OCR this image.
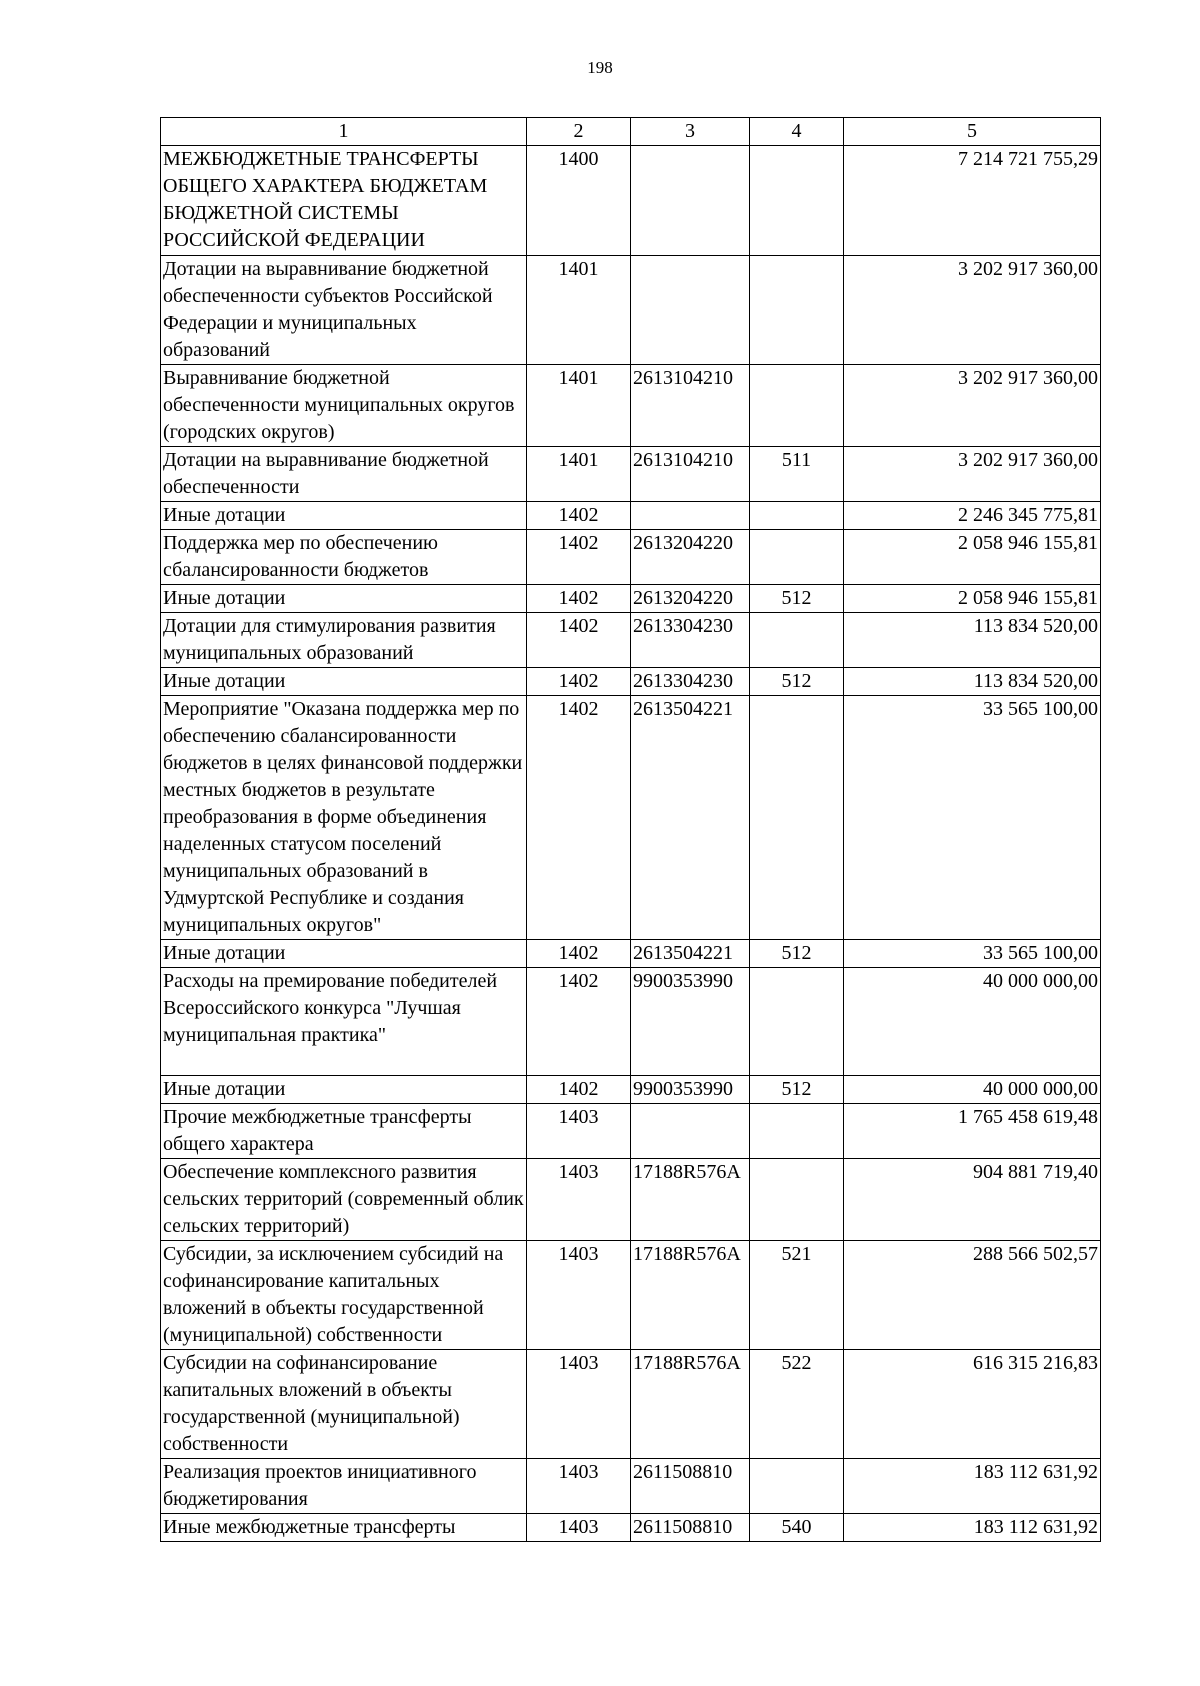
198
1	2	3	4	5
МЕЖБЮДЖЕТНЫЕ ТРАНСФЕРТЫ ОБЩЕГО ХАРАКТЕРА БЮДЖЕТАМ БЮДЖЕТНОЙ СИСТЕМЫ РОССИЙСКОЙ ФЕДЕРАЦИИ	1400			7 214 721 755,29
Дотации на выравнивание бюджетной обеспеченности субъектов Российской Федерации и муниципальных образований	1401			3 202 917 360,00
Выравнивание бюджетной обеспеченности муниципальных округов (городских округов)	1401	2613104210		3 202 917 360,00
Дотации на выравнивание бюджетной обеспеченности	1401	2613104210	511	3 202 917 360,00
Иные дотации	1402			2 246 345 775,81
Поддержка мер по обеспечению сбалансированности бюджетов	1402	2613204220		2 058 946 155,81
Иные дотации	1402	2613204220	512	2 058 946 155,81
Дотации для стимулирования развития муниципальных образований	1402	2613304230		113 834 520,00
Иные дотации	1402	2613304230	512	113 834 520,00
Мероприятие "Оказана поддержка мер по обеспечению сбалансированности бюджетов в целях финансовой поддержки местных бюджетов в результате преобразования в форме объединения наделенных статусом поселений муниципальных образований в Удмуртской Республике и создания муниципальных округов"	1402	2613504221		33 565 100,00
Иные дотации	1402	2613504221	512	33 565 100,00
Расходы на премирование победителей Всероссийского конкурса "Лучшая муниципальная практика"	1402	9900353990		40 000 000,00
Иные дотации	1402	9900353990	512	40 000 000,00
Прочие межбюджетные трансферты общего характера	1403			1 765 458 619,48
Обеспечение комплексного развития сельских территорий (современный облик сельских территорий)	1403	17188R576A		904 881 719,40
Субсидии, за исключением субсидий на софинансирование капитальных вложений в объекты государственной (муниципальной) собственности	1403	17188R576A	521	288 566 502,57
Субсидии на софинансирование капитальных вложений в объекты государственной (муниципальной) собственности	1403	17188R576A	522	616 315 216,83
Реализация проектов инициативного бюджетирования	1403	2611508810		183 112 631,92
Иные межбюджетные трансферты	1403	2611508810	540	183 112 631,92
